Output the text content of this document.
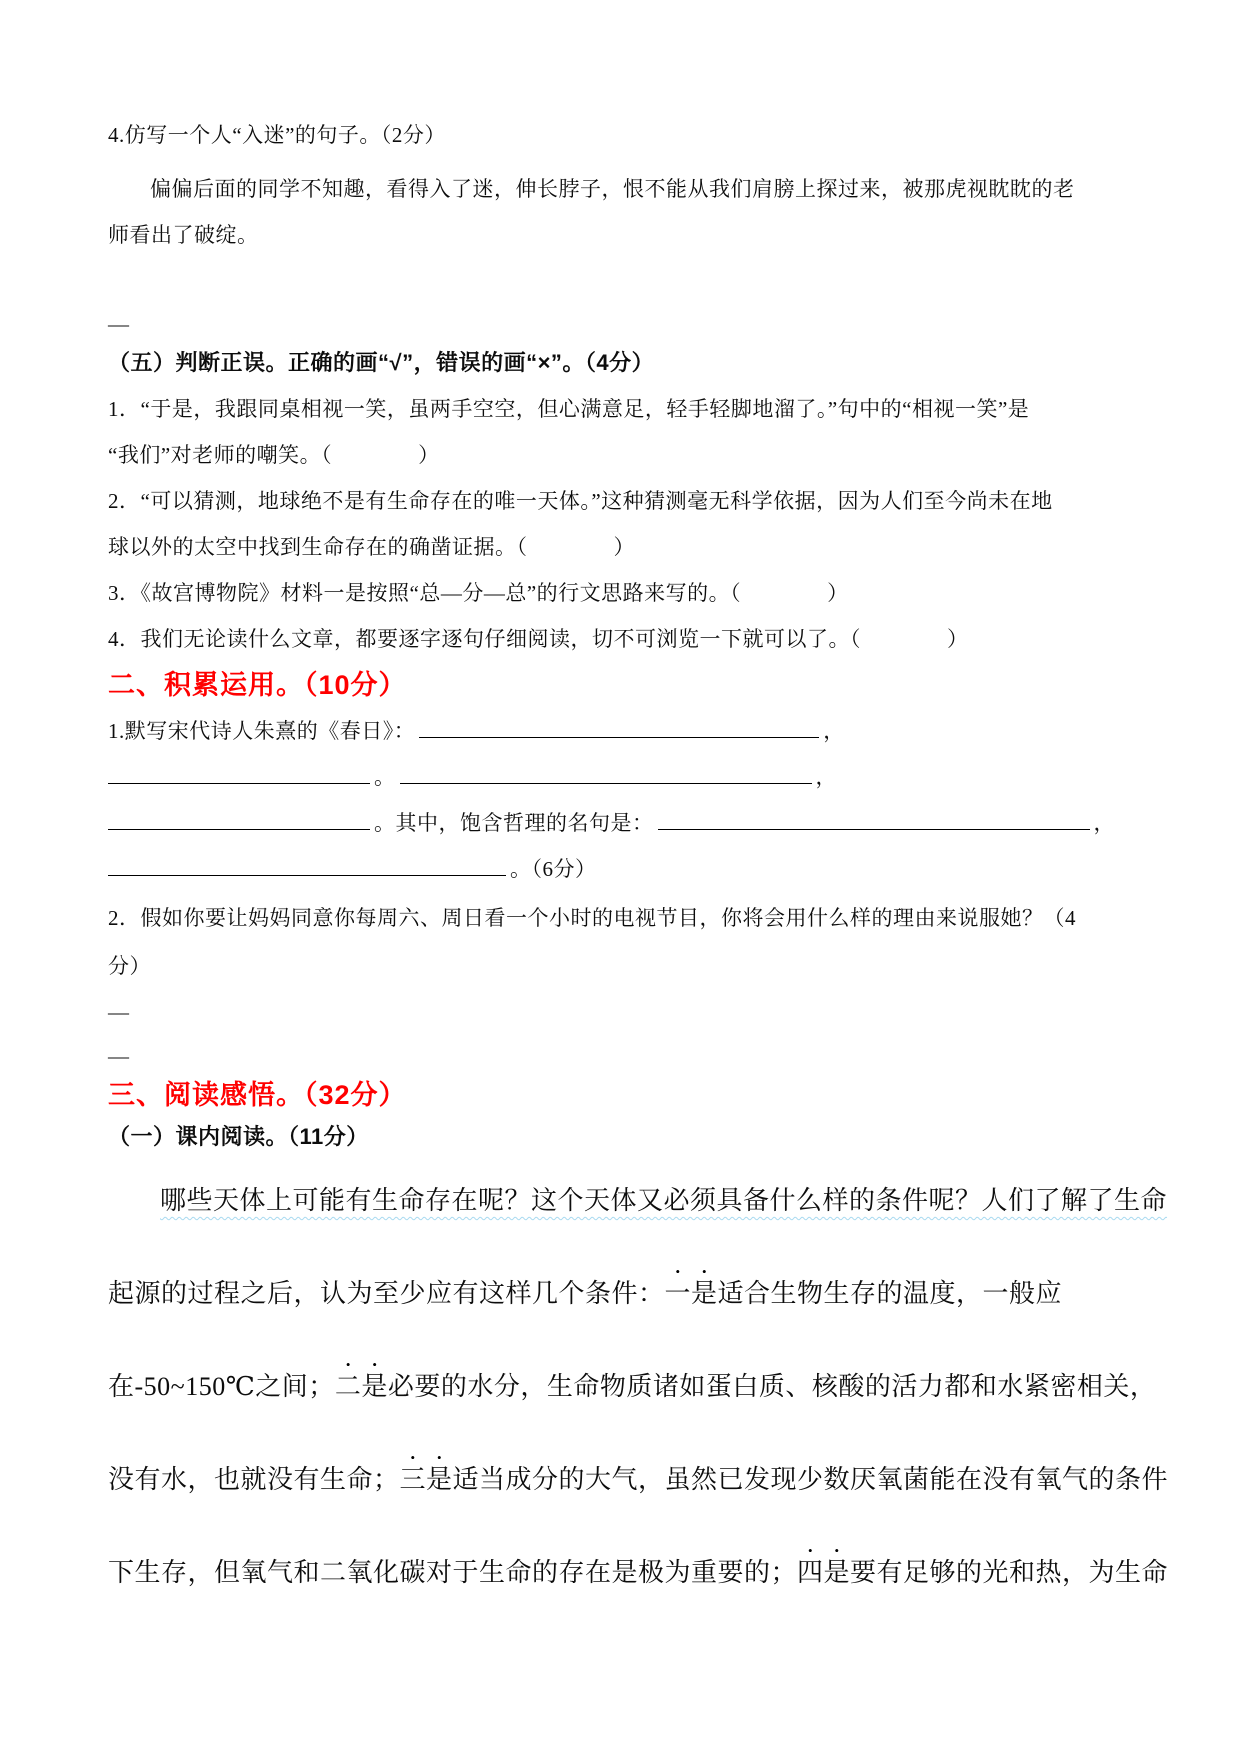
4.仿写一个人“入迷”的句子。（2分）
偏偏后面的同学不知趣，看得入了迷，伸长脖子，恨不能从我们肩膀上探过来，被那虎视眈眈的老
师看出了破绽。
—
（五）判断正误。正确的画“√”，错误的画“×”。（4分）
1．“于是，我跟同桌相视一笑，虽两手空空，但心满意足，轻手轻脚地溜了。”句中的“相视一笑”是
“我们”对老师的嘲笑。（　　　　）
2．“可以猜测，地球绝不是有生命存在的唯一天体。”这种猜测毫无科学依据，因为人们至今尚未在地
球以外的太空中找到生命存在的确凿证据。（　　　　）
3．《故宫博物院》材料一是按照“总—分—总”的行文思路来写的。（　　　　）
4．我们无论读什么文章，都要逐字逐句仔细阅读，切不可浏览一下就可以了。（　　　　）
二、积累运用。（10分）
1.默写宋代诗人朱熹的《春日》：	，
。	，
。其中，饱含哲理的名句是：	，
。（6分）
2．假如你要让妈妈同意你每周六、周日看一个小时的电视节目，你将会用什么样的理由来说服她？（4
分）
—
—
三、阅读感悟。（32分）
（一）课内阅读。（11分）
哪些天体上可能有生命存在呢？这个天体又必须具备什么样的条件呢？人们了解了生命
起源的过程之后，认为至少应有这样几个条件：一是适合生物生存的温度，一般应
在-50~150℃之间；二是必要的水分，生命物质诸如蛋白质、核酸的活力都和水紧密相关，
没有水，也就没有生命；三是适当成分的大气，虽然已发现少数厌氧菌能在没有氧气的条件
下生存，但氧气和二氧化碳对于生命的存在是极为重要的；四是要有足够的光和热，为生命
